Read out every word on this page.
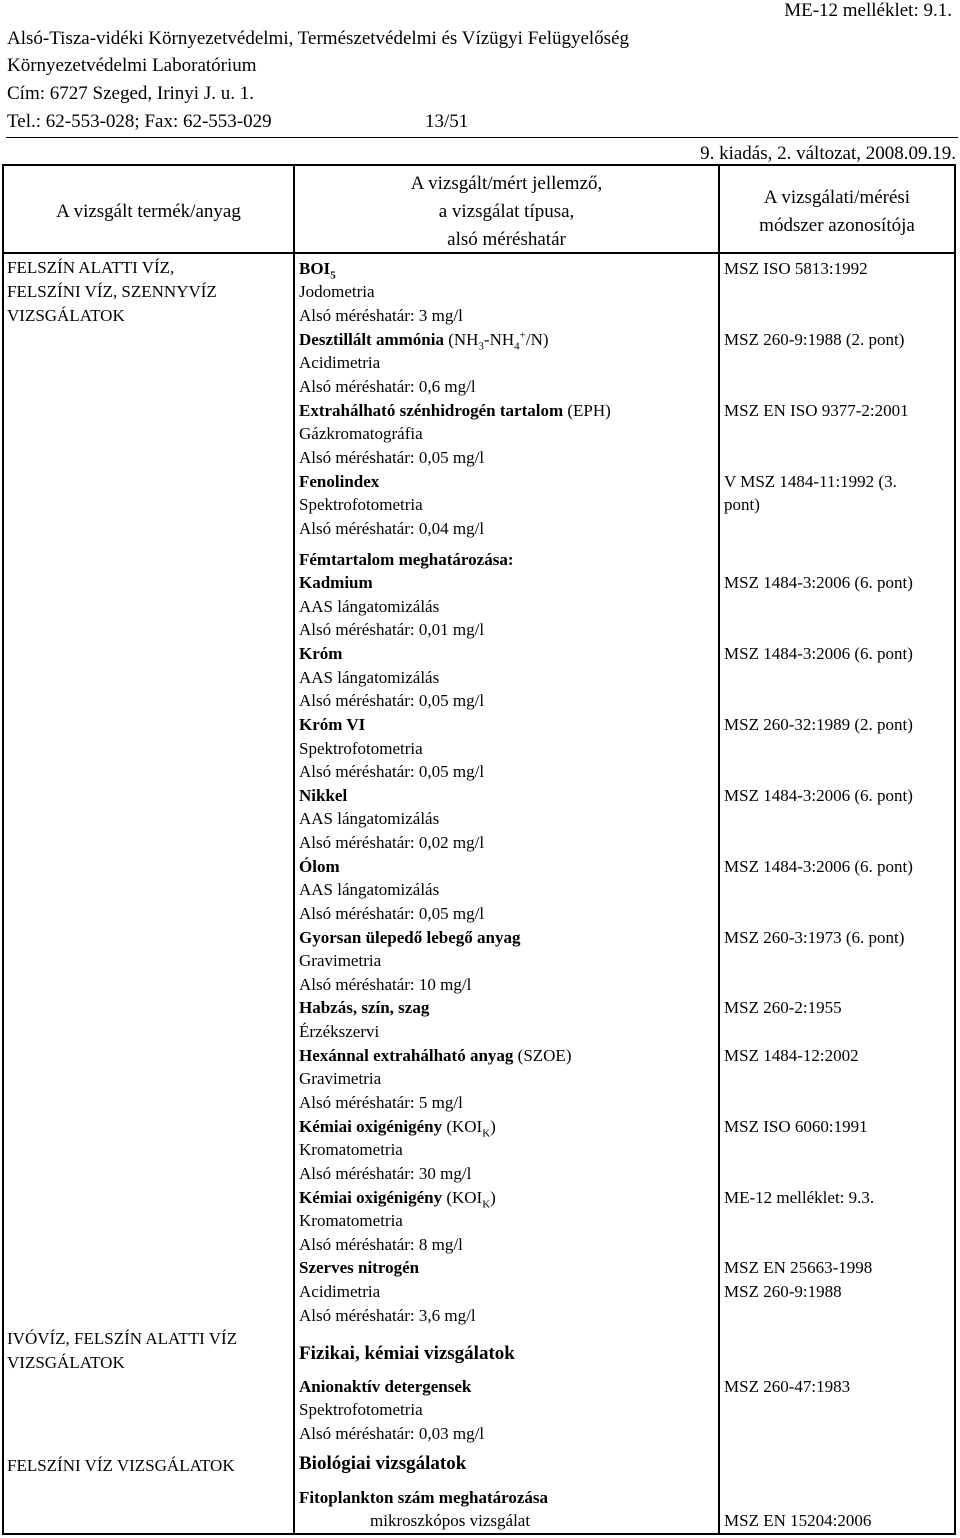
ME-12 melléklet: 9.1.
Alsó-Tisza-vidéki Környezetvédelmi, Természetvédelmi és Vízügyi Felügyelőség
Környezetvédelmi Laboratórium
Cím: 6727 Szeged, Irinyi J. u. 1.
Tel.: 62-553-028; Fax: 62-553-029	13/51
9. kiadás, 2. változat, 2008.09.19.
A vizsgált termék/anyag
A vizsgált/mért jellemző,
a vizsgálat típusa,
alsó méréshatár
A vizsgálati/mérési
módszer azonosítója
FELSZÍN ALATTI VÍZ,
FELSZÍNI VÍZ, SZENNYVÍZ
VIZSGÁLATOK
IVÓVÍZ, FELSZÍN ALATTI VÍZ
VIZSGÁLATOK
FELSZÍNI VÍZ VIZSGÁLATOK
$BOI_5$
Jodometria
Alsó méréshatár: 3 mg/l
Desztillált ammónia $(NH_3-NH_4^+/N)$
Acidimetria
Alsó méréshatár: 0,6 mg/l
Extrahálható szénhidrogén tartalom (EPH)
Gázkromatográfia
Alsó méréshatár: 0,05 mg/l
Fenolindex
Spektrofotometria
Alsó méréshatár: 0,04 mg/l
Fémtartalom meghatározása:
Kadmium
AAS lángatomizálás
Alsó méréshatár: 0,01 mg/l
Króm
AAS lángatomizálás
Alsó méréshatár: 0,05 mg/l
Króm VI
Spektrofotometria
Alsó méréshatár: 0,05 mg/l
Nikkel
AAS lángatomizálás
Alsó méréshatár: 0,02 mg/l
Ólom
AAS lángatomizálás
Alsó méréshatár: 0,05 mg/l
Gyorsan ülepedő lebegő anyag
Gravimetria
Alsó méréshatár: 10 mg/l
Habzás, szín, szag
Érzékszervi
Hexánnal extrahálható anyag (SZOE)
Gravimetria
Alsó méréshatár: 5 mg/l
Kémiai oxigénigény $(KOI_K)$
Kromatometria
Alsó méréshatár: 30 mg/l
Kémiai oxigénigény $(KOI_K)$
Kromatometria
Alsó méréshatár: 8 mg/l
Szerves nitrogén
Acidimetria
Alsó méréshatár: 3,6 mg/l
Fizikai, kémiai vizsgálatok
Anionaktív detergensek
Spektrofotometria
Alsó méréshatár: 0,03 mg/l
Biológiai vizsgálatok
Fitoplankton szám meghatározása
mikroszkópos vizsgálat
MSZ ISO 5813:1992
MSZ 260-9:1988 (2. pont)
MSZ EN ISO 9377-2:2001
V MSZ 1484-11:1992 (3.
pont)
MSZ 1484-3:2006 (6. pont)
MSZ 1484-3:2006 (6. pont)
MSZ 260-32:1989 (2. pont)
MSZ 1484-3:2006 (6. pont)
MSZ 1484-3:2006 (6. pont)
MSZ 260-3:1973 (6. pont)
MSZ 260-2:1955
MSZ 1484-12:2002
MSZ ISO 6060:1991
ME-12 melléklet: 9.3.
MSZ EN 25663-1998
MSZ 260-9:1988
MSZ 260-47:1983
MSZ EN 15204:2006
